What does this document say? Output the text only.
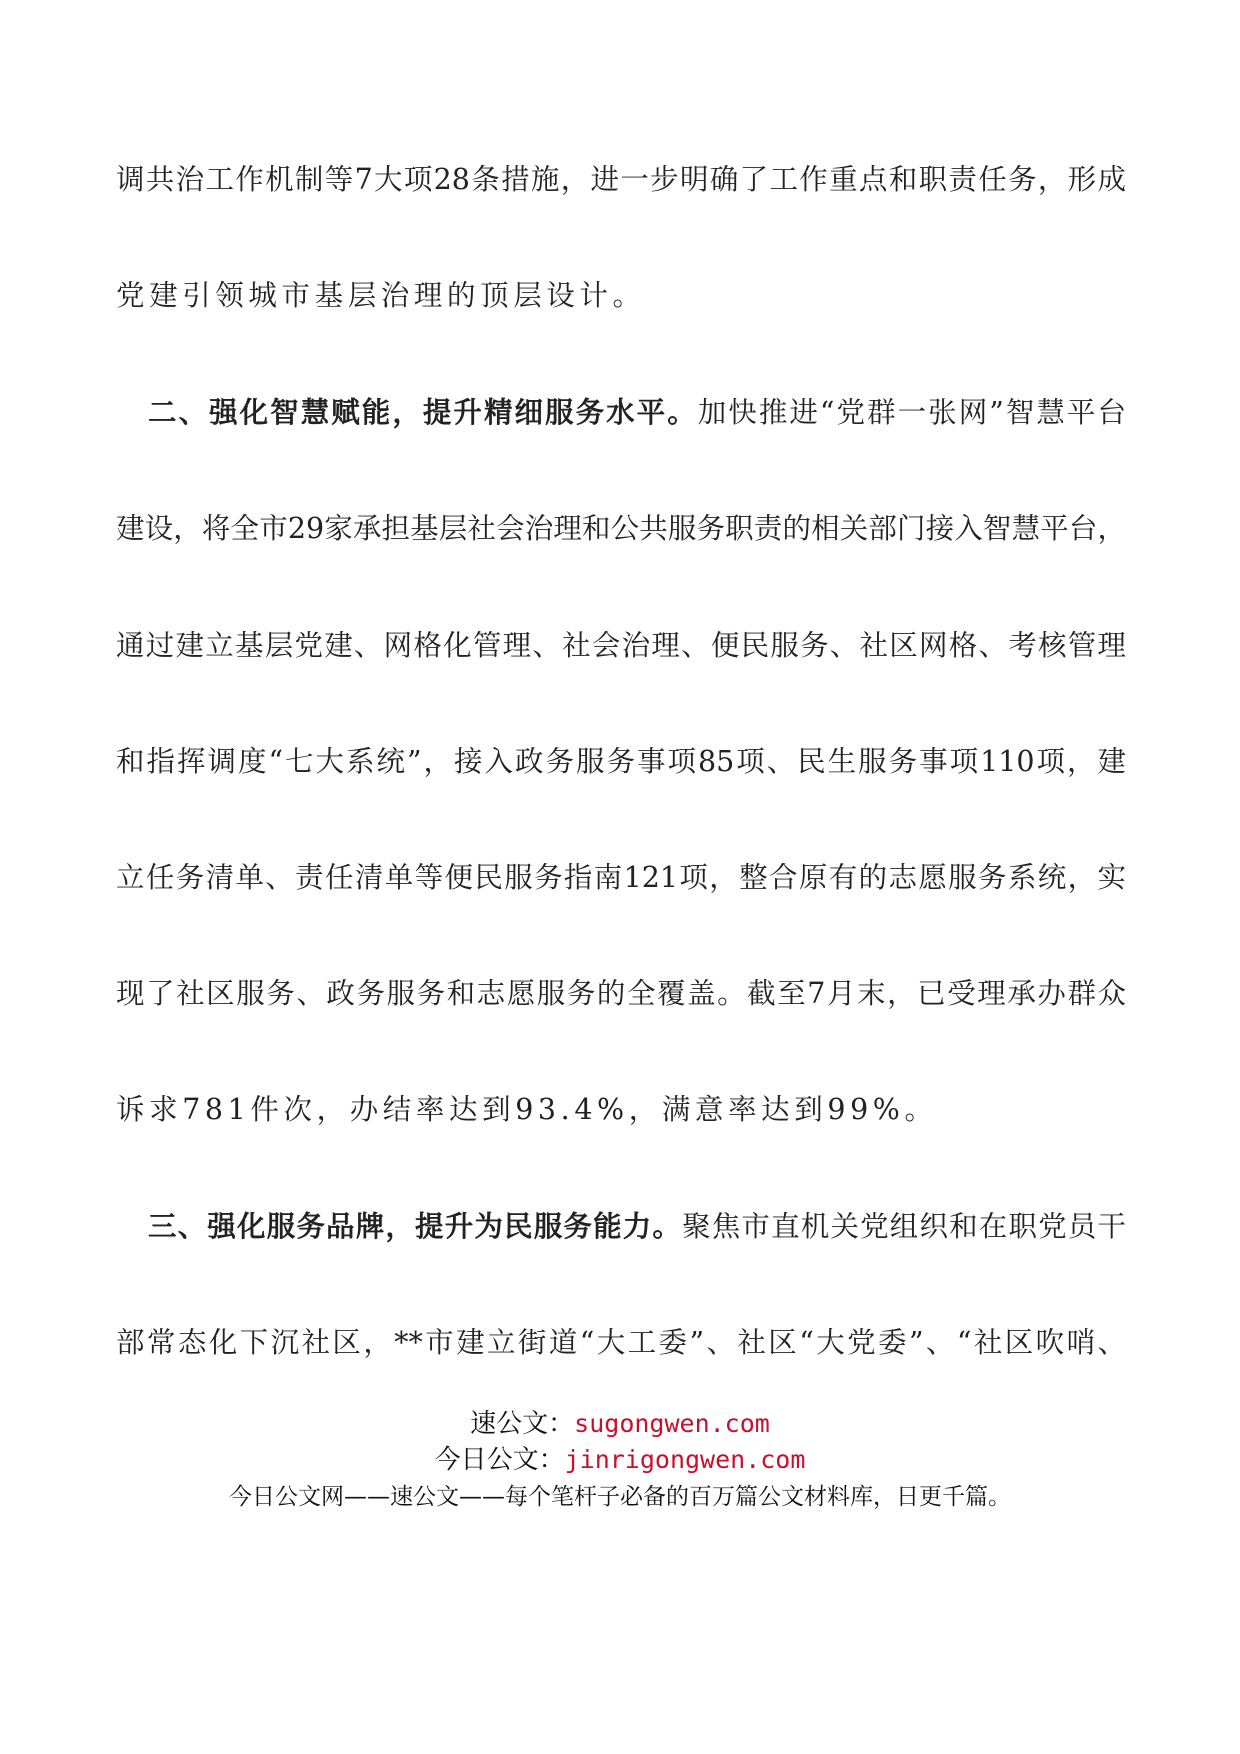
调共治工作机制等7大项28条措施，进一步明确了工作重点和职责任务，形成
党建引领城市基层治理的顶层设计。
二、强化智慧赋能，提升精细服务水平。加快推进“党群一张网”智慧平台
建设，将全市29家承担基层社会治理和公共服务职责的相关部门接入智慧平台，
通过建立基层党建、网格化管理、社会治理、便民服务、社区网格、考核管理
和指挥调度“七大系统”，接入政务服务事项85项、民生服务事项110项，建
立任务清单、责任清单等便民服务指南121项，整合原有的志愿服务系统，实
现了社区服务、政务服务和志愿服务的全覆盖。截至7月末，已受理承办群众
诉求781件次，办结率达到93.4%，满意率达到99%。
三、强化服务品牌，提升为民服务能力。聚焦市直机关党组织和在职党员干
部常态化下沉社区，**市建立街道“大工委”、社区“大党委”、“社区吹哨、
速公文：sugongwen.com
今日公文：jinrigongwen.com
今日公文网——速公文——每个笔杆子必备的百万篇公文材料库，日更千篇。
